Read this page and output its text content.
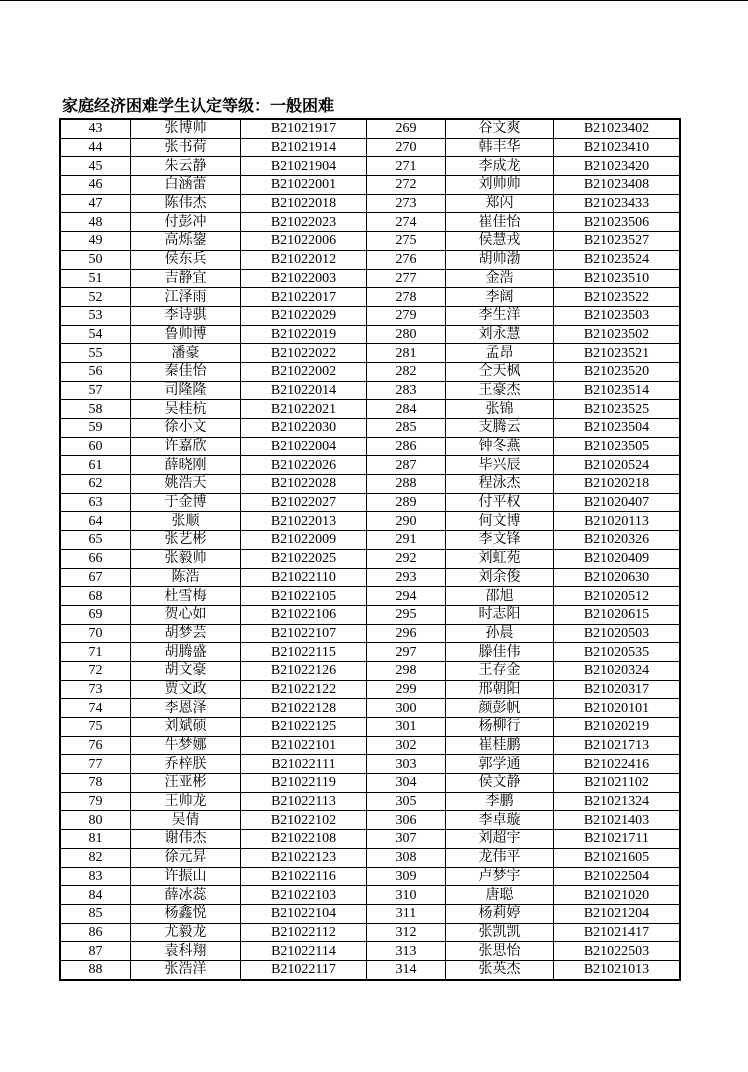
家庭经济困难学生认定等级：一般困难
43	张博帅	B21021917	269	谷文爽	B21023402
44	张书荷	B21021914	270	韩丰华	B21023410
45	朱云静	B21021904	271	李成龙	B21023420
46	白涵蕾	B21022001	272	刘帅帅	B21023408
47	陈伟杰	B21022018	273	郑闪	B21023433
48	付彭冲	B21022023	274	崔佳怡	B21023506
49	高烁鋆	B21022006	275	侯慧戎	B21023527
50	侯东兵	B21022012	276	胡帅渤	B21023524
51	吉静宜	B21022003	277	金浩	B21023510
52	江泽雨	B21022017	278	李阔	B21023522
53	李诗骐	B21022029	279	李生洋	B21023503
54	鲁帅博	B21022019	280	刘永慧	B21023502
55	潘豪	B21022022	281	孟昂	B21023521
56	秦佳怡	B21022002	282	仝天枫	B21023520
57	司隆隆	B21022014	283	王豪杰	B21023514
58	吴桂杭	B21022021	284	张锦	B21023525
59	徐小文	B21022030	285	支腾云	B21023504
60	许嘉欣	B21022004	286	钟冬燕	B21023505
61	薛晓刚	B21022026	287	毕兴辰	B21020524
62	姚浩天	B21022028	288	程泳杰	B21020218
63	于金博	B21022027	289	付平权	B21020407
64	张顺	B21022013	290	何文博	B21020113
65	张艺彬	B21022009	291	李文锋	B21020326
66	张毅帅	B21022025	292	刘虹苑	B21020409
67	陈浩	B21022110	293	刘余俊	B21020630
68	杜雪梅	B21022105	294	邵旭	B21020512
69	贺心如	B21022106	295	时志阳	B21020615
70	胡梦芸	B21022107	296	孙晨	B21020503
71	胡腾盛	B21022115	297	滕佳伟	B21020535
72	胡文豪	B21022126	298	王存金	B21020324
73	贾文政	B21022122	299	邢朝阳	B21020317
74	李恩泽	B21022128	300	颜彭帆	B21020101
75	刘斌硕	B21022125	301	杨柳行	B21020219
76	牛梦娜	B21022101	302	崔桂鹏	B21021713
77	乔梓朕	B21022111	303	郭学通	B21022416
78	汪亚彬	B21022119	304	侯文静	B21021102
79	王帅龙	B21022113	305	李鹏	B21021324
80	吴倩	B21022102	306	李卓璇	B21021403
81	谢伟杰	B21022108	307	刘超宇	B21021711
82	徐元昇	B21022123	308	龙伟平	B21021605
83	许振山	B21022116	309	卢梦宇	B21022504
84	薛冰蕊	B21022103	310	唐聪	B21021020
85	杨鑫悦	B21022104	311	杨莉婷	B21021204
86	尤毅龙	B21022112	312	张凯凯	B21021417
87	袁科翔	B21022114	313	张思怡	B21022503
88	张浩洋	B21022117	314	张英杰	B21021013
